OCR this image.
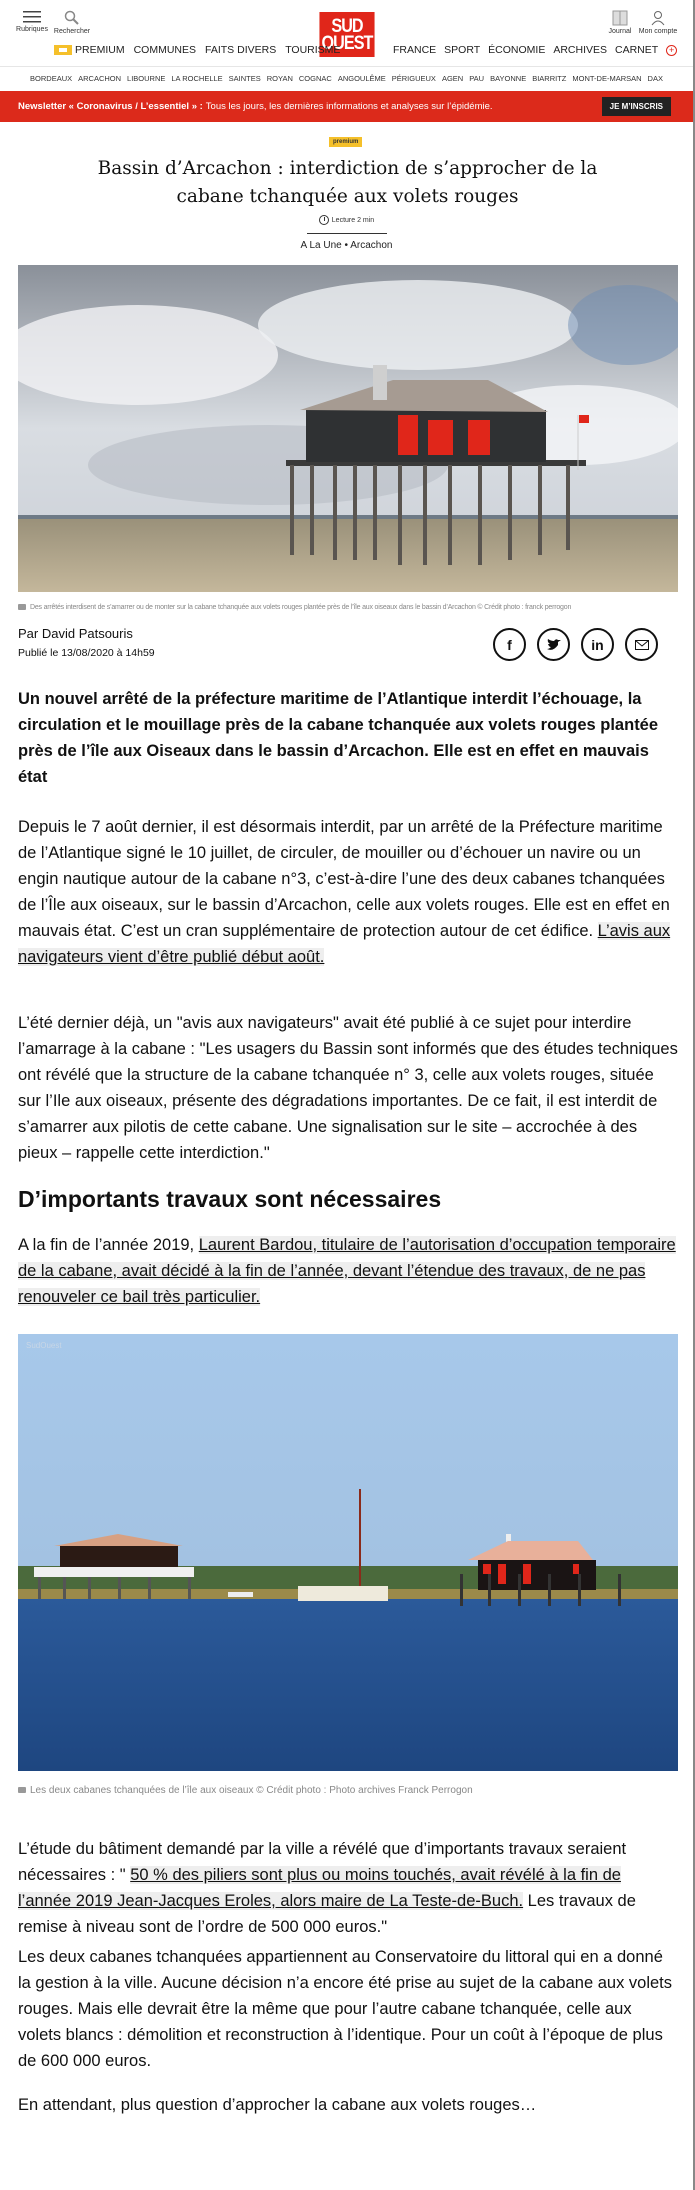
Rubriques Rechercher	SUD
OUEST
Journal	Mon compte
PREMIUM COMMUNES FAITS DIVERS TOURISME	FRANCE SPORT ÉCONOMIE ARCHIVES CARNET	+
BORDEAUX ARCACHON LIBOURNE LA ROCHELLE SAINTES ROYAN COGNAC ANGOULÊME PÉRIGUEUX AGEN PAU BAYONNE BIARRITZ MONT-DE-MARSAN DAX
Newsletter « Coronavirus / L’essentiel » : Tous les jours, les dernières informations et analyses sur l’épidémie.	JE M’INSCRIS
premium
Bassin d’Arcachon : interdiction de s’approcher de la cabane tchanquée aux volets rouges
Lecture 2 min
A La Une • Arcachon
Des arrêtés interdisent de s’amarrer ou de monter sur la cabane tchanquée aux volets rouges plantée près de l’île aux oiseaux dans le bassin d’Arcachon © Crédit photo : franck perrogon
Par David Patsouris
Publié le 13/08/2020 à 14h59
f	in

Un nouvel arrêté de la préfecture maritime de l’Atlantique interdit l’échouage, la circulation et le mouillage près de la cabane tchanquée aux volets rouges plantée près de l’île aux Oiseaux dans le bassin d’Arcachon. Elle est en effet en mauvais état

Depuis le 7 août dernier, il est désormais interdit, par un arrêté de la Préfecture maritime de l’Atlantique signé le 10 juillet, de circuler, de mouiller ou d’échouer un navire ou un engin nautique autour de la cabane n°3, c’est-à-dire l’une des deux cabanes tchanquées de l’Île aux oiseaux, sur le bassin d’Arcachon, celle aux volets rouges. Elle est en effet en mauvais état. C’est un cran supplémentaire de protection autour de cet édifice. L’avis aux navigateurs vient d’être publié début août.

L’été dernier déjà, un "avis aux navigateurs" avait été publié à ce sujet pour interdire l’amarrage à la cabane : "Les usagers du Bassin sont informés que des études techniques ont révélé que la structure de la cabane tchanquée n° 3, celle aux volets rouges, située sur l’Ile aux oiseaux, présente des dégradations importantes. De ce fait, il est interdit de s’amarrer aux pilotis de cette cabane. Une signalisation sur le site – accrochée à des pieux – rappelle cette interdiction."

D’importants travaux sont nécessaires

A la fin de l’année 2019, Laurent Bardou, titulaire de l’autorisation d’occupation temporaire de la cabane, avait décidé à la fin de l’année, devant l’étendue des travaux, de ne pas renouveler ce bail très particulier.

SudOuest
Les deux cabanes tchanquées de l’île aux oiseaux © Crédit photo : Photo archives Franck Perrogon

L’étude du bâtiment demandé par la ville a révélé que d’importants travaux seraient nécessaires : " 50 % des piliers sont plus ou moins touchés, avait révélé à la fin de l’année 2019 Jean-Jacques Eroles, alors maire de La Teste-de-Buch. Les travaux de remise à niveau sont de l’ordre de 500 000 euros."

Les deux cabanes tchanquées appartiennent au Conservatoire du littoral qui en a donné la gestion à la ville. Aucune décision n’a encore été prise au sujet de la cabane aux volets rouges. Mais elle devrait être la même que pour l’autre cabane tchanquée, celle aux volets blancs : démolition et reconstruction à l’identique. Pour un coût à l’époque de plus de 600 000 euros.

En attendant, plus question d’approcher la cabane aux volets rouges…
